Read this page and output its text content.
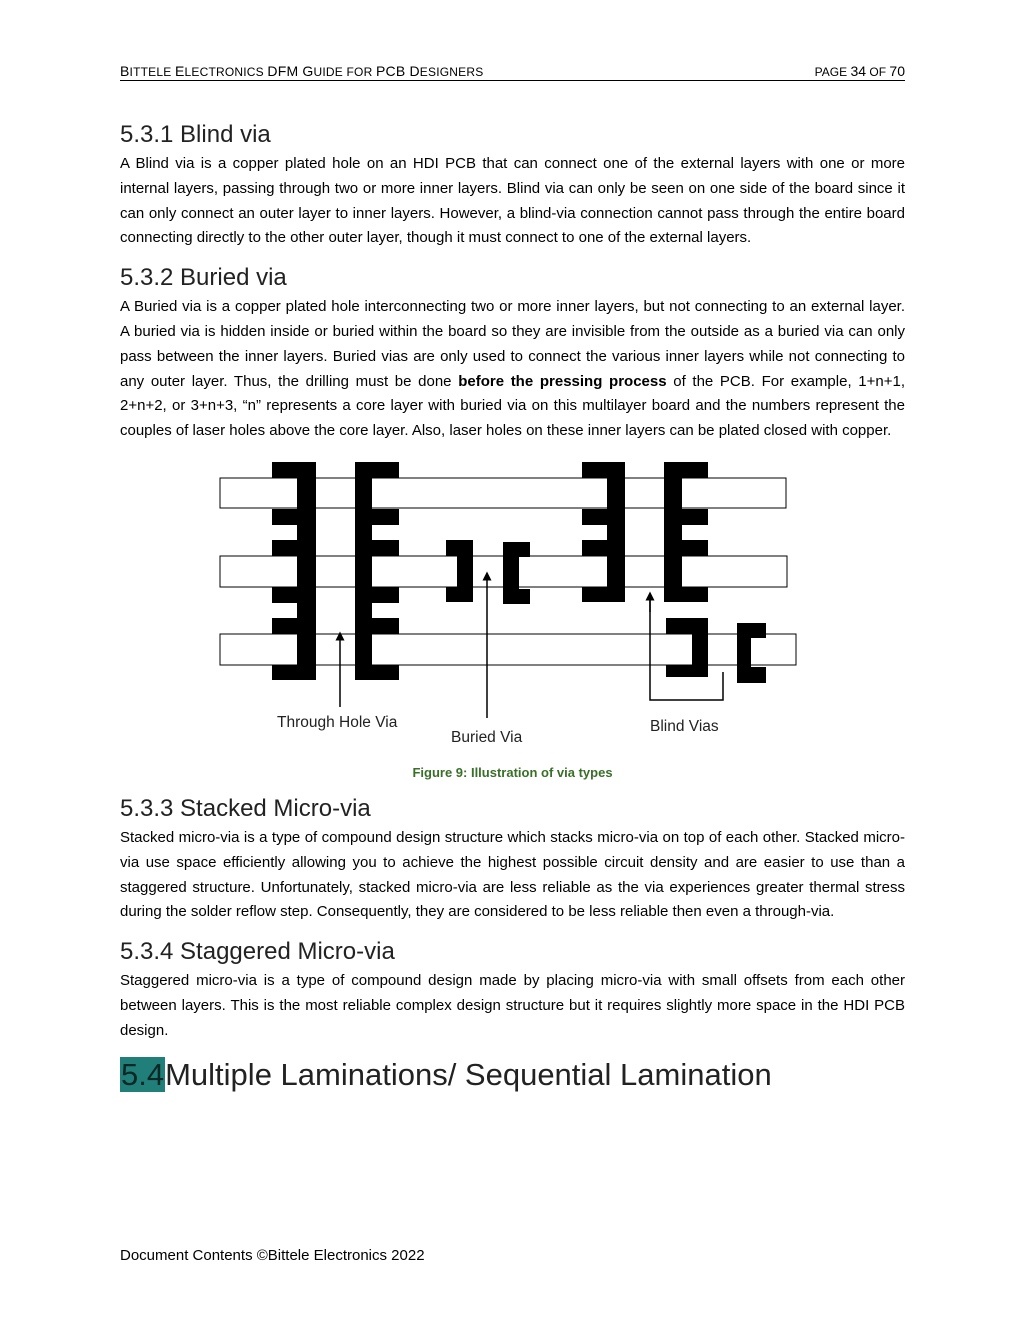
BITTELE ELECTRONICS DFM GUIDE FOR PCB DESIGNERS	PAGE 34 OF 70
5.3.1 Blind via

A Blind via is a copper plated hole on an HDI PCB that can connect one of the external layers with one or more internal layers, passing through two or more inner layers. Blind via can only be seen on one side of the board since it can only connect an outer layer to inner layers. However, a blind-via connection cannot pass through the entire board connecting directly to the other outer layer, though it must connect to one of the external layers.

5.3.2 Buried via

A Buried via is a copper plated hole interconnecting two or more inner layers, but not connecting to an external layer. A buried via is hidden inside or buried within the board so they are invisible from the outside as a buried via can only pass between the inner layers. Buried vias are only used to connect the various inner layers while not connecting to any outer layer. Thus, the drilling must be done before the pressing process of the PCB. For example, 1+n+1, 2+n+2, or 3+n+3, “n” represents a core layer with buried via on this multilayer board and the numbers represent the couples of laser holes above the core layer. Also, laser holes on these inner layers can be plated closed with copper.

Through Hole Via
Buried Via
Blind Vias
Figure 9: Illustration of via types
5.3.3 Stacked Micro-via

Stacked micro-via is a type of compound design structure which stacks micro-via on top of each other. Stacked micro-via use space efficiently allowing you to achieve the highest possible circuit density and are easier to use than a staggered structure. Unfortunately, stacked micro-via are less reliable as the via experiences greater thermal stress during the solder reflow step. Consequently, they are considered to be less reliable then even a through-via.

5.3.4 Staggered Micro-via

Staggered micro-via is a type of compound design made by placing micro-via with small offsets from each other between layers. This is the most reliable complex design structure but it requires slightly more space in the HDI PCB design.

5.4Multiple Laminations/ Sequential Lamination
Document Contents ©Bittele Electronics 2022
